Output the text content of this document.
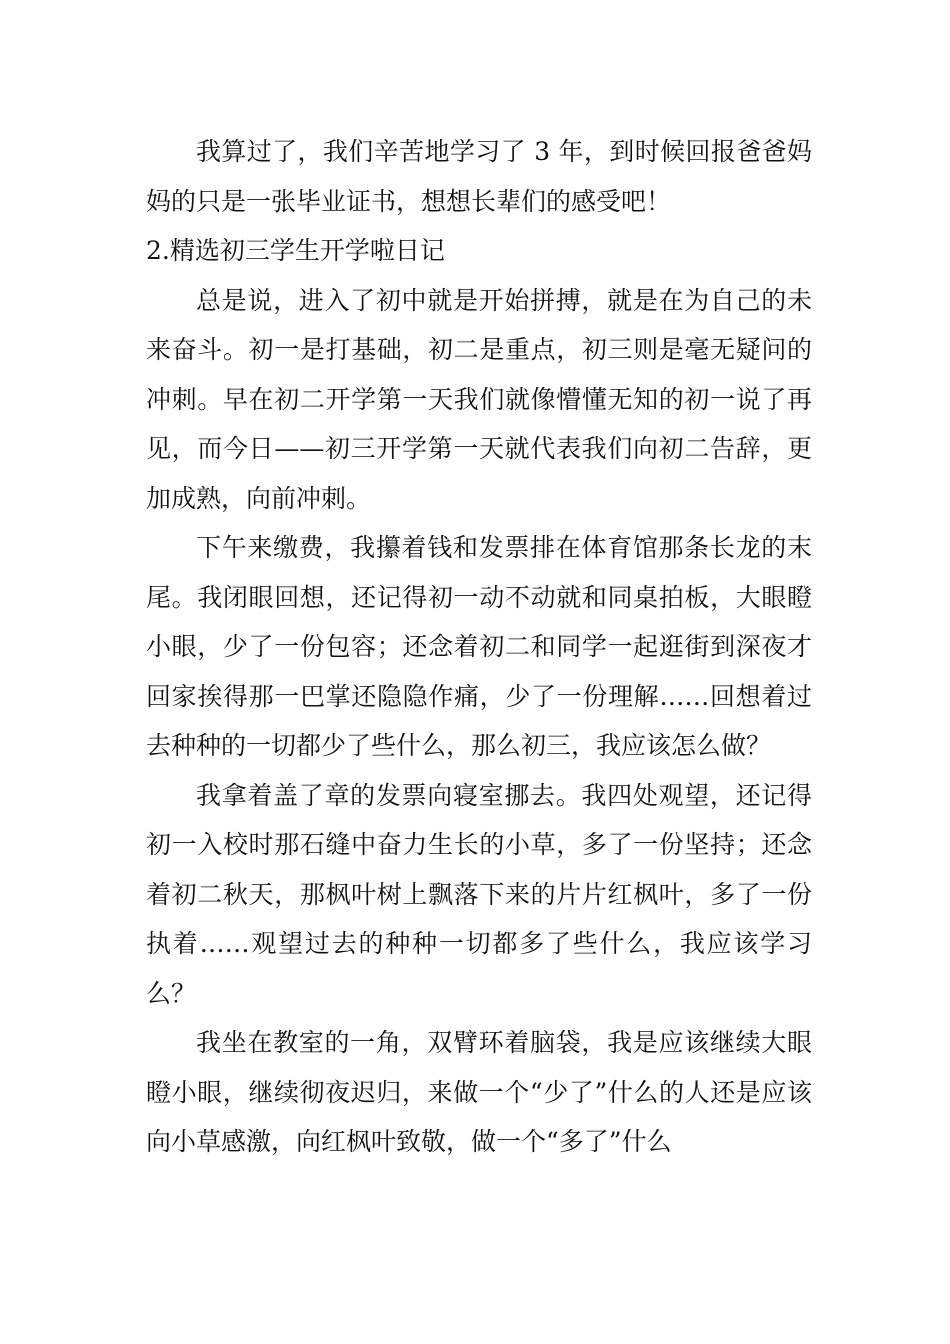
我算过了，我们辛苦地学习了 3 年，到时候回报爸爸妈妈的只是一张毕业证书，想想长辈们的感受吧！

2.精选初三学生开学啦日记

总是说，进入了初中就是开始拼搏，就是在为自己的未来奋斗。初一是打基础，初二是重点，初三则是毫无疑问的冲刺。早在初二开学第一天我们就像懵懂无知的初一说了再见，而今日——初三开学第一天就代表我们向初二告辞，更加成熟，向前冲刺。

下午来缴费，我攥着钱和发票排在体育馆那条长龙的末尾。我闭眼回想，还记得初一动不动就和同桌拍板，大眼瞪小眼，少了一份包容；还念着初二和同学一起逛街到深夜才回家挨得那一巴掌还隐隐作痛，少了一份理解……回想着过去种种的一切都少了些什么，那么初三，我应该怎么做？

我拿着盖了章的发票向寝室挪去。我四处观望，还记得初一入校时那石缝中奋力生长的小草，多了一份坚持；还念着初二秋天，那枫叶树上飘落下来的片片红枫叶，多了一份执着……观望过去的种种一切都多了些什么，我应该学习么？

我坐在教室的一角，双臂环着脑袋，我是应该继续大眼瞪小眼，继续彻夜迟归，来做一个“少了”什么的人还是应该向小草感激，向红枫叶致敬，做一个“多了”什么
